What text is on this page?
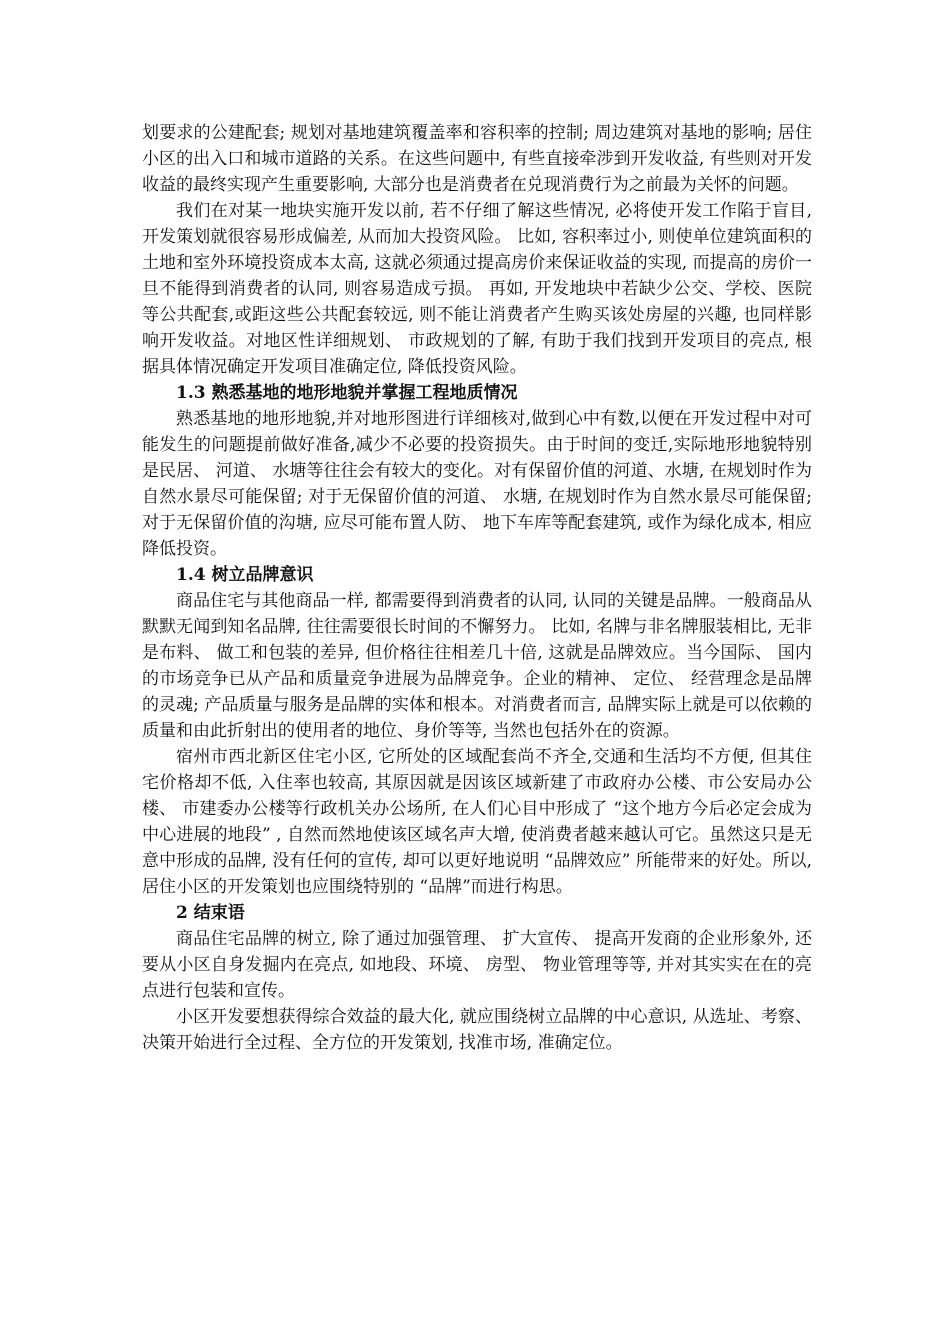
划要求的公建配套; 规划对基地建筑覆盖率和容积率的控制; 周边建筑对基地的影响; 居住小区的出入口和城市道路的关系。在这些问题中, 有些直接牵涉到开发收益, 有些则对开发收益的最终实现产生重要影响, 大部分也是消费者在兑现消费行为之前最为关怀的问题。

我们在对某一地块实施开发以前, 若不仔细了解这些情况, 必将使开发工作陷于盲目, 开发策划就很容易形成偏差, 从而加大投资风险。 比如, 容积率过小, 则使单位建筑面积的土地和室外环境投资成本太高, 这就必须通过提高房价来保证收益的实现, 而提高的房价一旦不能得到消费者的认同, 则容易造成亏损。 再如, 开发地块中若缺少公交、学校、医院等公共配套,或距这些公共配套较远, 则不能让消费者产生购买该处房屋的兴趣, 也同样影响开发收益。对地区性详细规划、 市政规划的了解, 有助于我们找到开发项目的亮点, 根据具体情况确定开发项目准确定位, 降低投资风险。

1.3 熟悉基地的地形地貌并掌握工程地质情况

熟悉基地的地形地貌,并对地形图进行详细核对,做到心中有数,以便在开发过程中对可能发生的问题提前做好准备,减少不必要的投资损失。由于时间的变迁,实际地形地貌特别是民居、 河道、 水塘等往往会有较大的变化。对有保留价值的河道、水塘, 在规划时作为自然水景尽可能保留; 对于无保留价值的河道、 水塘, 在规划时作为自然水景尽可能保留; 对于无保留价值的沟塘, 应尽可能布置人防、 地下车库等配套建筑, 或作为绿化成本, 相应降低投资。

1.4 树立品牌意识

商品住宅与其他商品一样, 都需要得到消费者的认同, 认同的关键是品牌。一般商品从默默无闻到知名品牌, 往往需要很长时间的不懈努力。 比如, 名牌与非名牌服装相比, 无非是布料、 做工和包装的差异, 但价格往往相差几十倍, 这就是品牌效应。当今国际、 国内的市场竞争已从产品和质量竞争进展为品牌竞争。企业的精神、 定位、 经营理念是品牌的灵魂; 产品质量与服务是品牌的实体和根本。对消费者而言, 品牌实际上就是可以依赖的质量和由此折射出的使用者的地位、身价等等, 当然也包括外在的资源。

宿州市西北新区住宅小区, 它所处的区域配套尚不齐全,交通和生活均不方便, 但其住宅价格却不低, 入住率也较高, 其原因就是因该区域新建了市政府办公楼、市公安局办公楼、 市建委办公楼等行政机关办公场所, 在人们心目中形成了 “这个地方今后必定会成为中心进展的地段” , 自然而然地使该区域名声大增, 使消费者越来越认可它。虽然这只是无意中形成的品牌, 没有任何的宣传, 却可以更好地说明 “品牌效应” 所能带来的好处。所以, 居住小区的开发策划也应围绕特别的 “品牌”而进行构思。

2 结束语

商品住宅品牌的树立, 除了通过加强管理、 扩大宣传、 提高开发商的企业形象外, 还要从小区自身发掘内在亮点, 如地段、环境、 房型、 物业管理等等, 并对其实实在在的亮点进行包装和宣传。

小区开发要想获得综合效益的最大化, 就应围绕树立品牌的中心意识, 从选址、考察、决策开始进行全过程、全方位的开发策划, 找准市场, 准确定位。
